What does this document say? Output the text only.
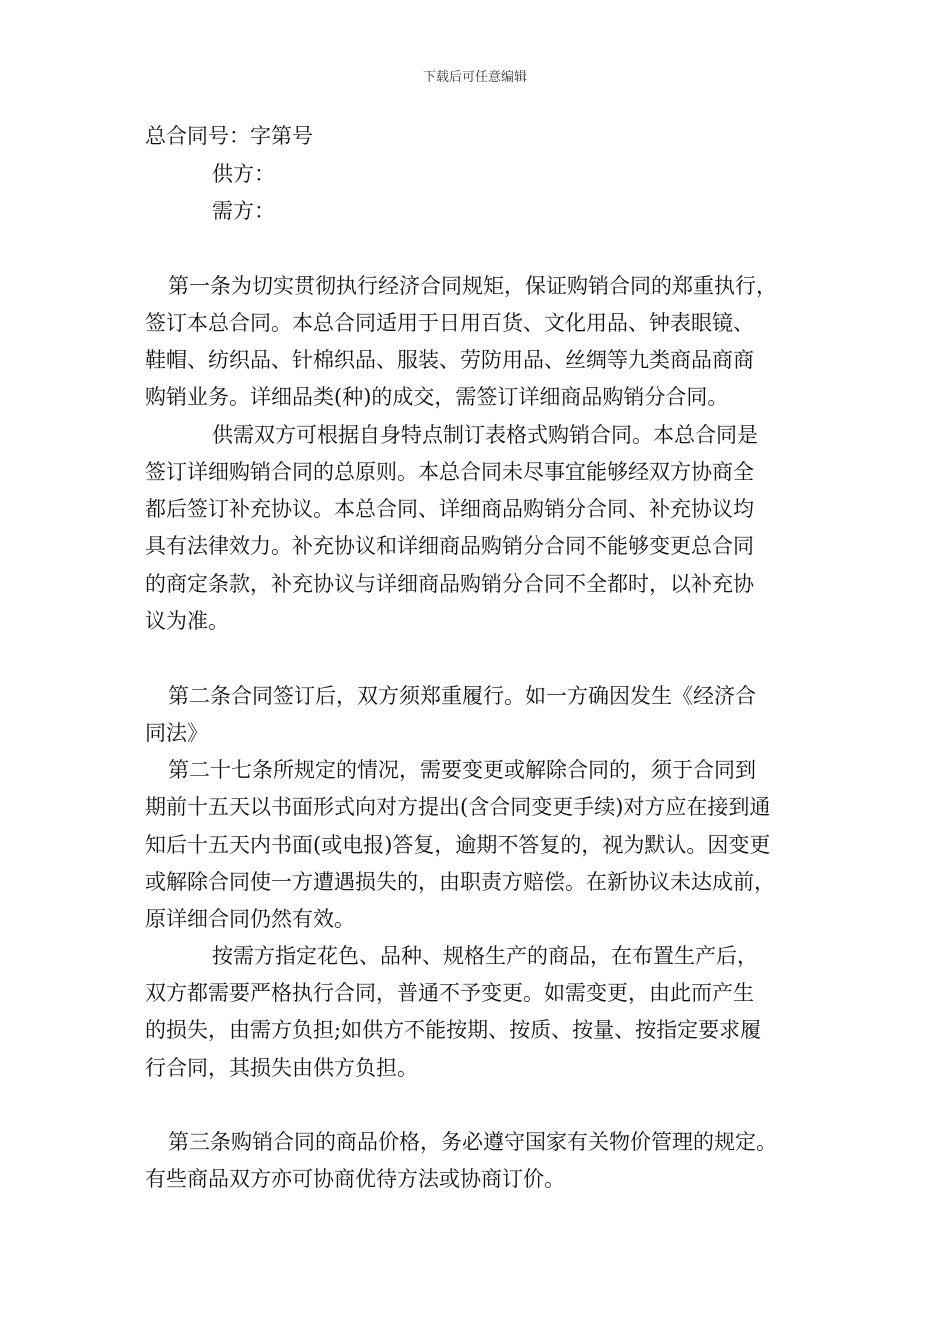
下载后可任意编辑
总合同号：字第号
供方：
需方：
第一条为切实贯彻执行经济合同规矩，保证购销合同的郑重执行，
签订本总合同。本总合同适用于日用百货、文化用品、钟表眼镜、
鞋帽、纺织品、针棉织品、服装、劳防用品、丝绸等九类商品商商
购销业务。详细品类(种)的成交，需签订详细商品购销分合同。
供需双方可根据自身特点制订表格式购销合同。本总合同是
签订详细购销合同的总原则。本总合同未尽事宜能够经双方协商全
都后签订补充协议。本总合同、详细商品购销分合同、补充协议均
具有法律效力。补充协议和详细商品购销分合同不能够变更总合同
的商定条款，补充协议与详细商品购销分合同不全都时，以补充协
议为准。
第二条合同签订后，双方须郑重履行。如一方确因发生《经济合
同法》
第二十七条所规定的情况，需要变更或解除合同的，须于合同到
期前十五天以书面形式向对方提出(含合同变更手续)对方应在接到通
知后十五天内书面(或电报)答复，逾期不答复的，视为默认。因变更
或解除合同使一方遭遇损失的，由职责方赔偿。在新协议未达成前，
原详细合同仍然有效。
按需方指定花色、品种、规格生产的商品，在布置生产后，
双方都需要严格执行合同，普通不予变更。如需变更，由此而产生
的损失，由需方负担;如供方不能按期、按质、按量、按指定要求履
行合同，其损失由供方负担。
第三条购销合同的商品价格，务必遵守国家有关物价管理的规定。
有些商品双方亦可协商优待方法或协商订价。
